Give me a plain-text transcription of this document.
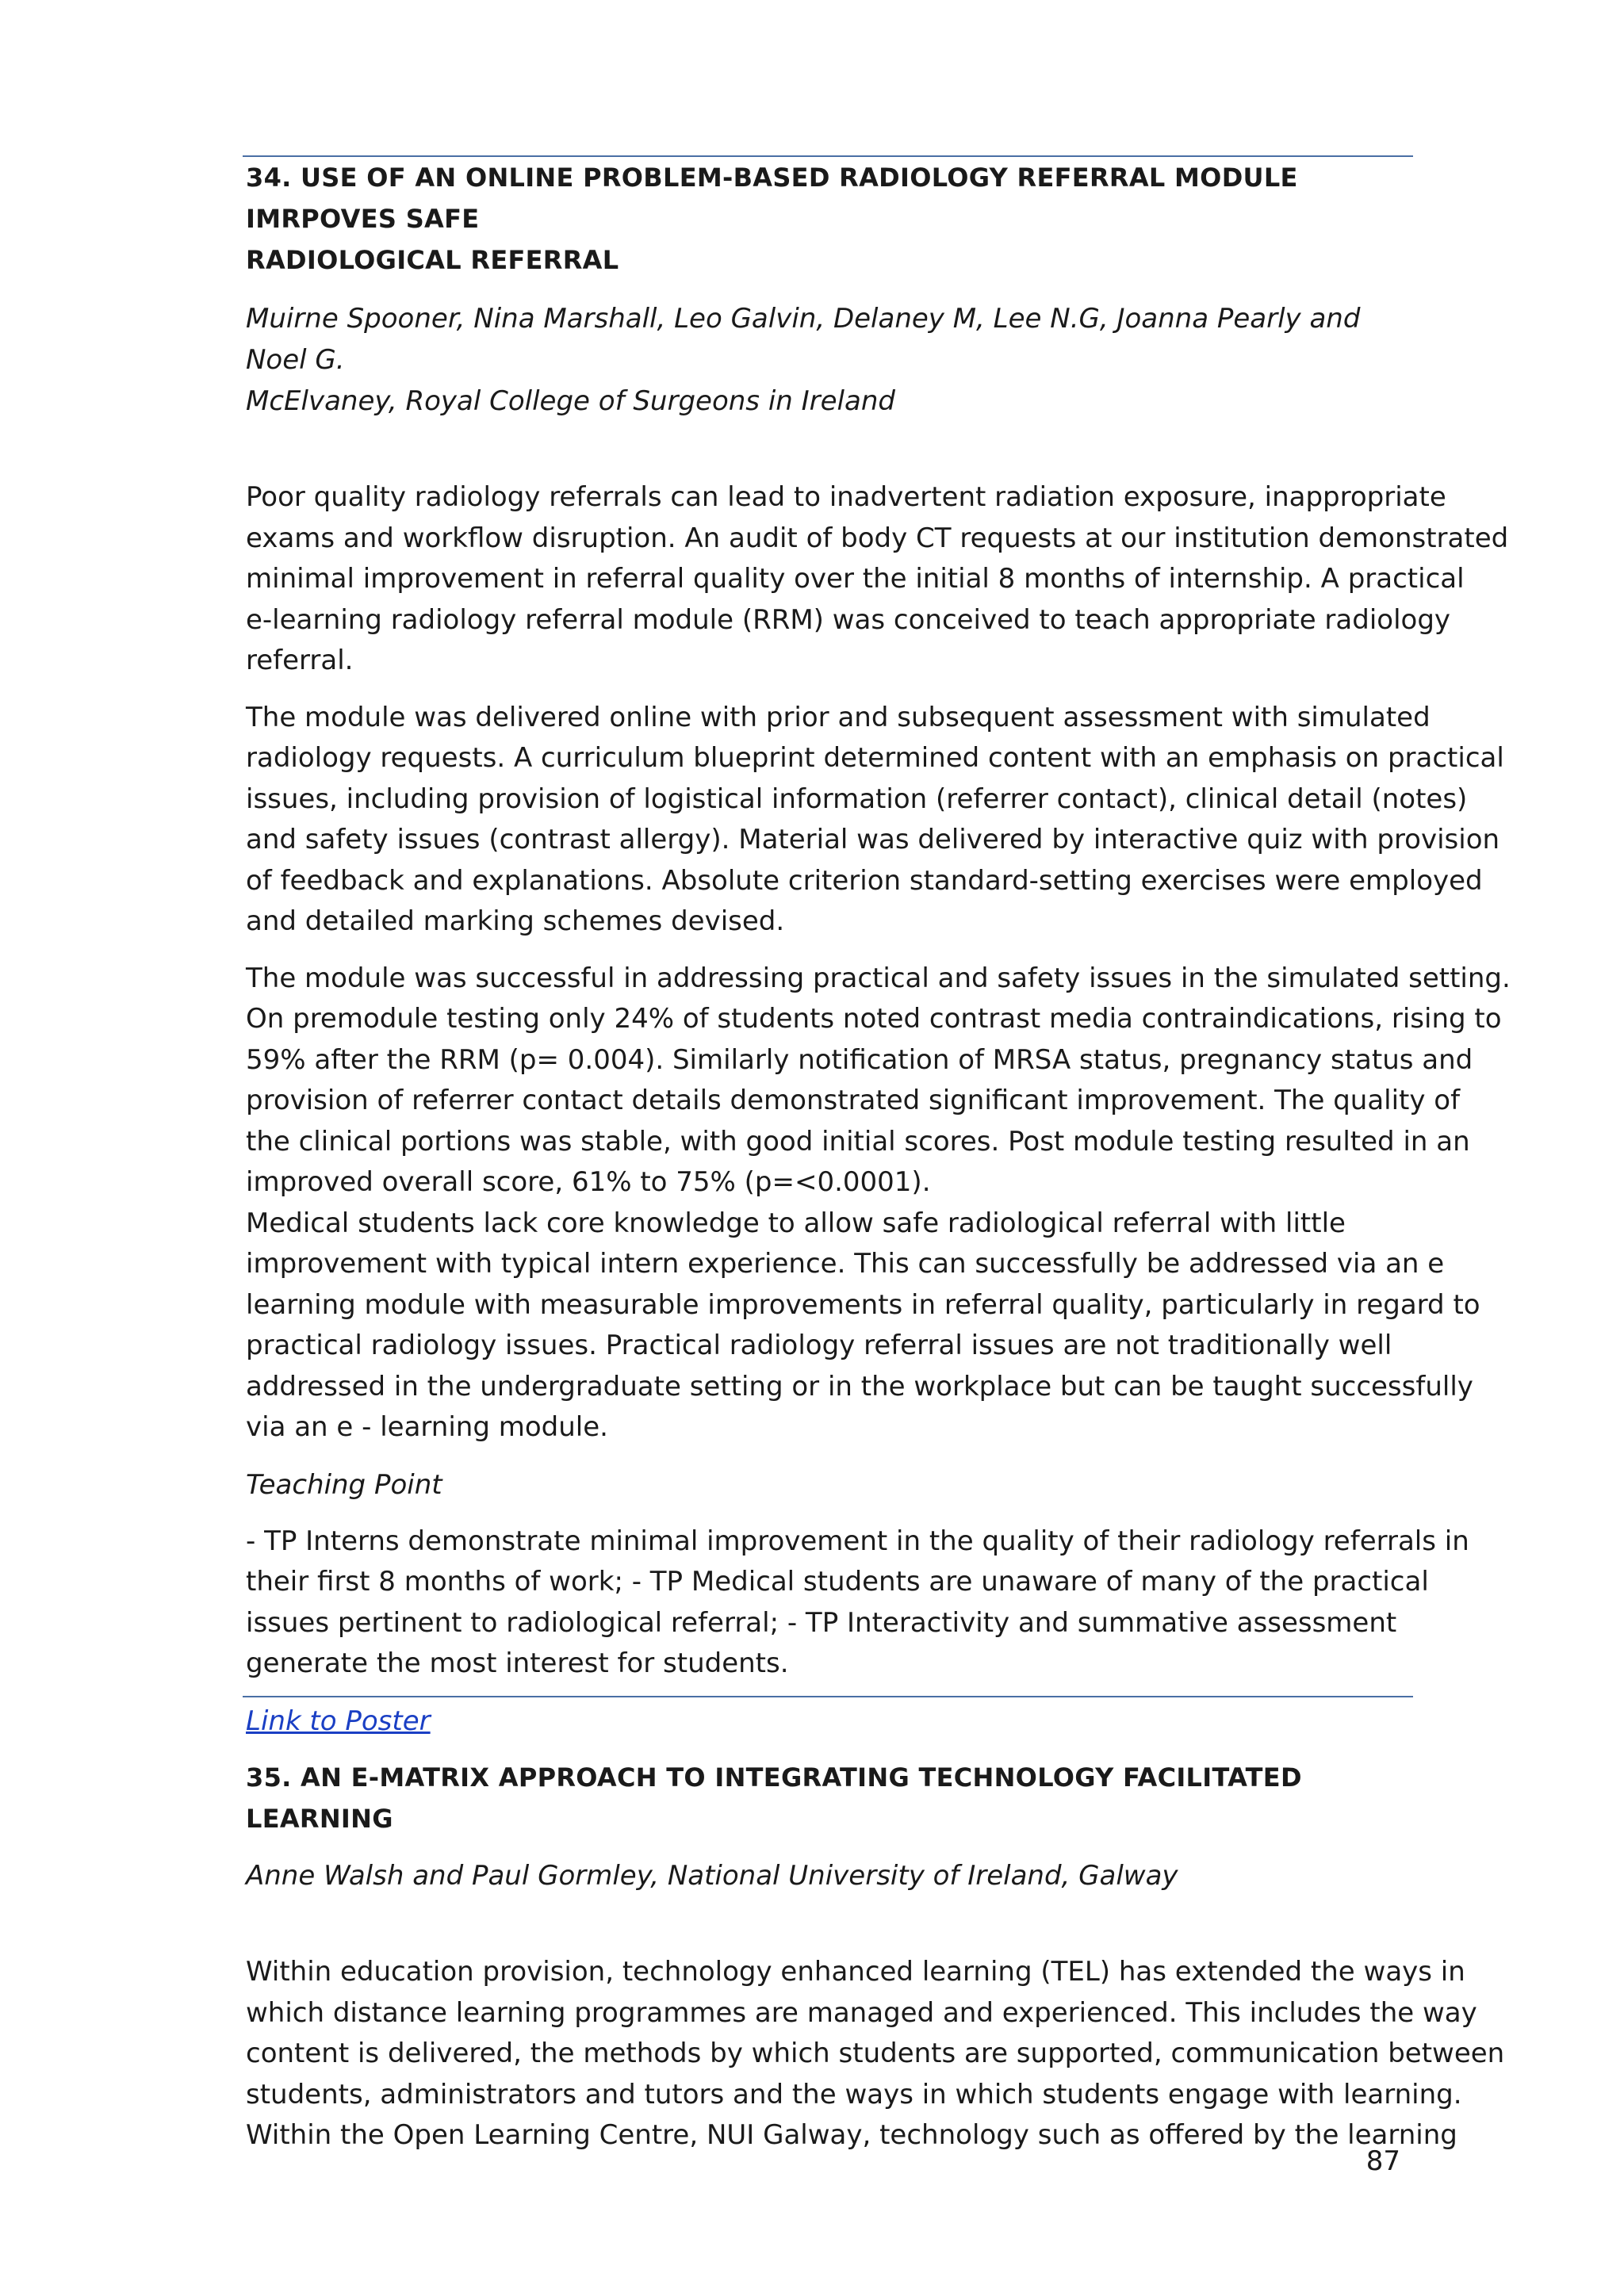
34. USE OF AN ONLINE PROBLEM-BASED RADIOLOGY REFERRAL MODULE IMRPOVES SAFE
RADIOLOGICAL REFERRAL
Muirne Spooner, Nina Marshall, Leo Galvin, Delaney M, Lee N.G, Joanna Pearly and Noel G.
McElvaney, Royal College of Surgeons in Ireland
Poor quality radiology referrals can lead to inadvertent radiation exposure, inappropriate
exams and workflow disruption. An audit of body CT requests at our institution demonstrated
minimal improvement in referral quality over the initial 8 months of internship. A practical
e-learning radiology referral module (RRM) was conceived to teach appropriate radiology
referral.
The module was delivered online with prior and subsequent assessment with simulated
radiology requests. A curriculum blueprint determined content with an emphasis on practical
issues, including provision of logistical information (referrer contact), clinical detail (notes)
and safety issues (contrast allergy). Material was delivered by interactive quiz with provision
of feedback and explanations. Absolute criterion standard-setting exercises were employed
and detailed marking schemes devised.
The module was successful in addressing practical and safety issues in the simulated setting.
On premodule testing only 24% of students noted contrast media contraindications, rising to
59% after the RRM (p= 0.004). Similarly notification of MRSA status, pregnancy status and
provision of referrer contact details demonstrated significant improvement. The quality of
the clinical portions was stable, with good initial scores. Post module testing resulted in an
improved overall score, 61% to 75% (p=<0.0001).
Medical students lack core knowledge to allow safe radiological referral with little
improvement with typical intern experience. This can successfully be addressed via an e
learning module with measurable improvements in referral quality, particularly in regard to
practical radiology issues. Practical radiology referral issues are not traditionally well
addressed in the undergraduate setting or in the workplace but can be taught successfully
via an e - learning module.
Teaching Point
- TP Interns demonstrate minimal improvement in the quality of their radiology referrals in
their first 8 months of work; - TP Medical students are unaware of many of the practical
issues pertinent to radiological referral; - TP Interactivity and summative assessment
generate the most interest for students.
Link to Poster
35. AN E-MATRIX APPROACH TO INTEGRATING TECHNOLOGY FACILITATED LEARNING
Anne Walsh and Paul Gormley, National University of Ireland, Galway
Within education provision, technology enhanced learning (TEL) has extended the ways in
which distance learning programmes are managed and experienced. This includes the way
content is delivered, the methods by which students are supported, communication between
students, administrators and tutors and the ways in which students engage with learning.
Within the Open Learning Centre, NUI Galway, technology such as offered by the learning
87
